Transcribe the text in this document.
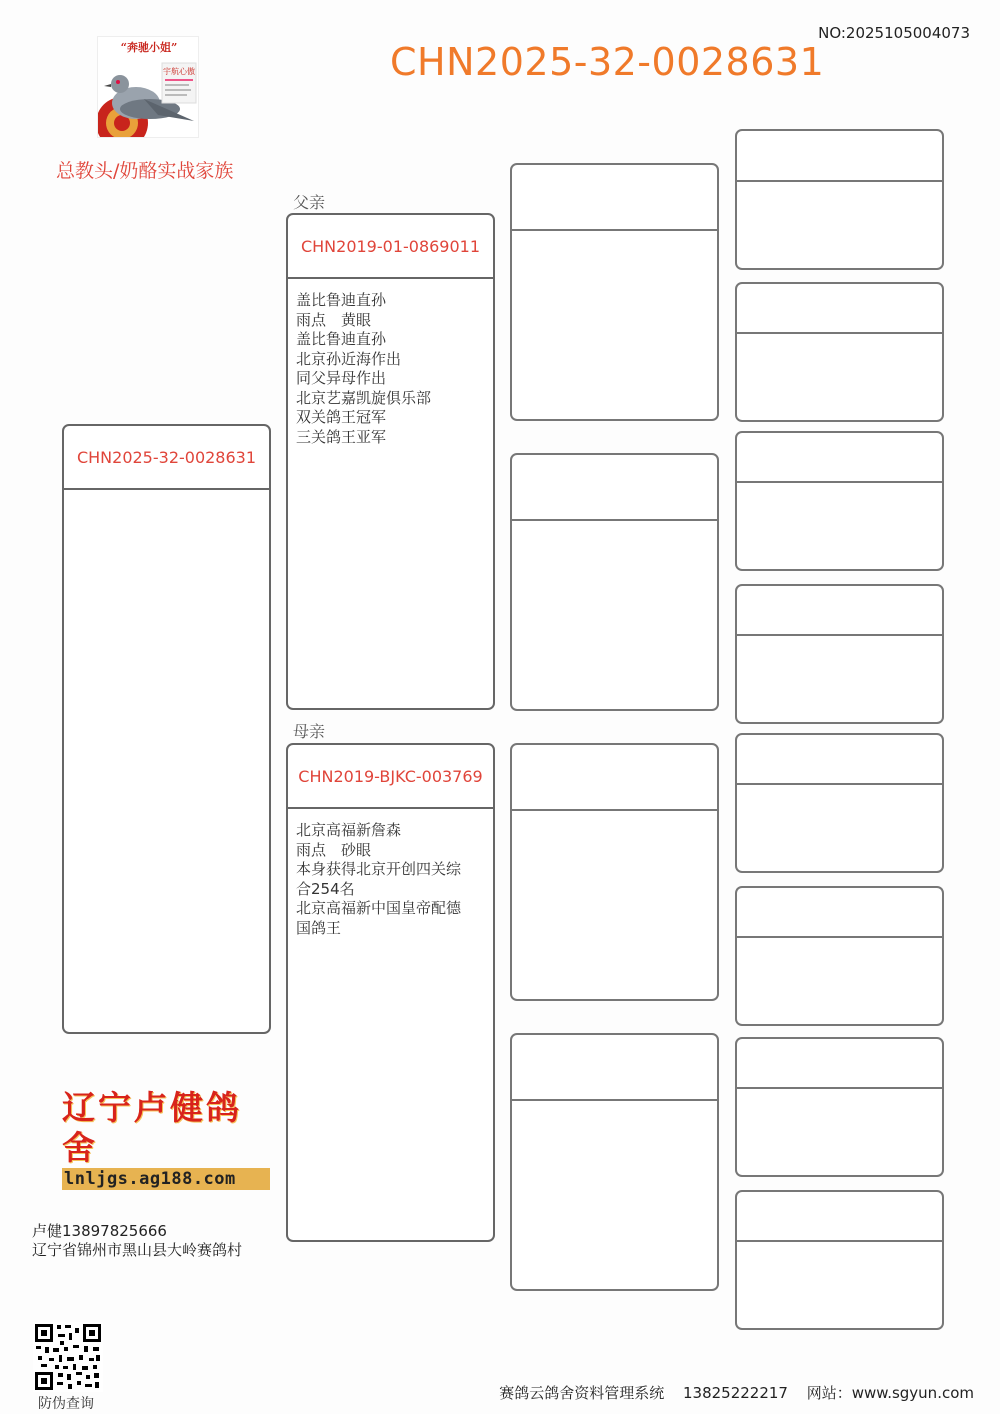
NO:2025105004073
CHN2025-32-0028631
“奔驰小姐”
宇航心傲
总教头/奶酪实战家族
CHN2025-32-0028631
父亲
CHN2019-01-0869011
盖比鲁迪直孙
雨点　黄眼
盖比鲁迪直孙
北京孙近海作出
同父异母作出
北京艺嘉凯旋俱乐部
双关鸽王冠军
三关鸽王亚军
母亲
CHN2019-BJKC-003769
北京高福新詹森
雨点　砂眼
本身获得北京开创四关综
合254名
北京高福新中国皇帝配德
国鸽王
辽宁卢健鸽舍
lnljgs.ag188.com
卢健13897825666
辽宁省锦州市黑山县大岭赛鸽村
防伪查询
赛鸽云鸽舍资料管理系统 13825222217 网站：www.sgyun.com
